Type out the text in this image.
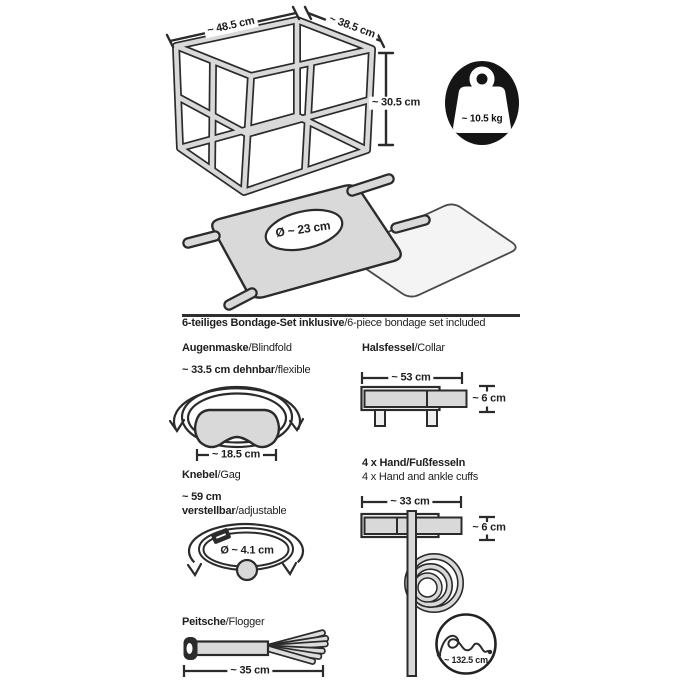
~ 48.5 cm	~ 38.5 cm
~ 30.5 cm
~ 10.5 kg
Ø ~ 23 cm
6-teiliges Bondage-Set inklusive/6-piece bondage set included
Augenmaske/Blindfold
~ 33.5 cm dehnbar/flexible
~ 18.5 cm
Halsfessel/Collar
~ 53 cm
~ 6 cm
Knebel/Gag
~ 59 cm
verstellbar/adjustable
Ø ~ 4.1 cm
4 x Hand/Fußfesseln
4 x Hand and ankle cuffs
~ 33 cm
~ 6 cm
~ 132.5 cm
Peitsche/Flogger
~ 35 cm
